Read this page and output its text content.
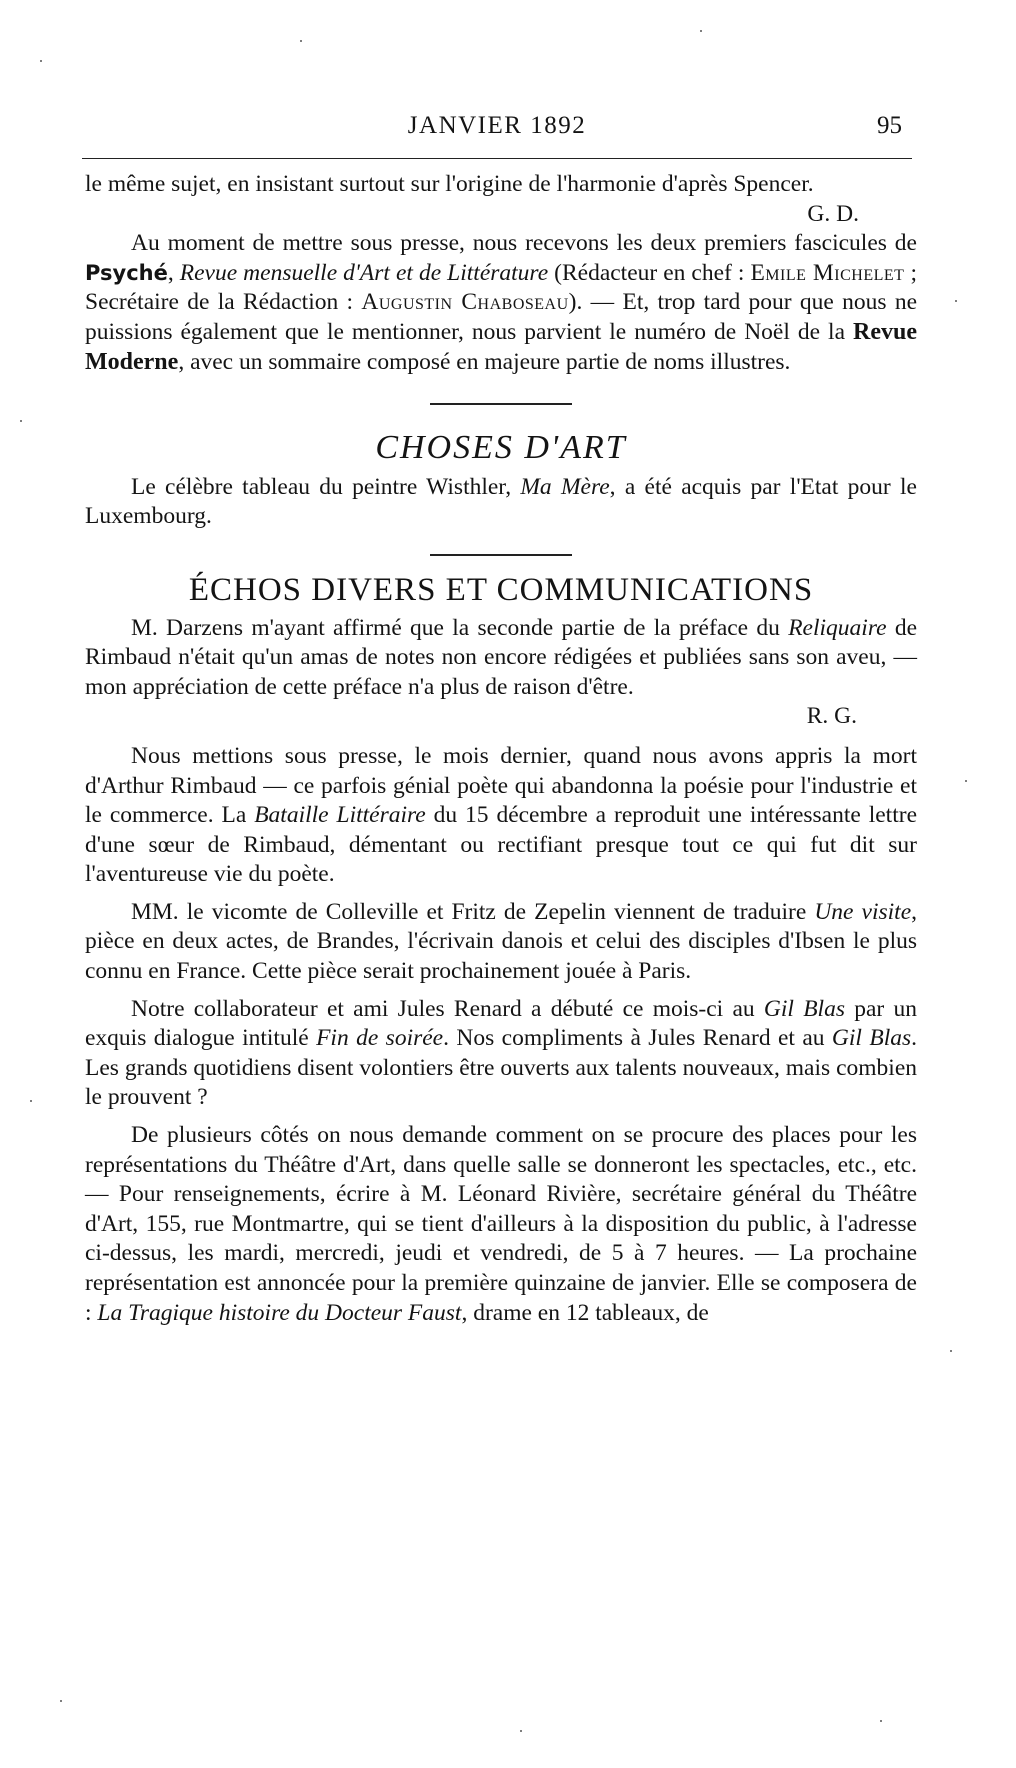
JANVIER 1892	95

le même sujet, en insistant surtout sur l'origine de l'harmonie d'après Spencer.

G. D.

Au moment de mettre sous presse, nous recevons les deux premiers fascicules de Psyché, Revue mensuelle d'Art et de Littérature (Rédacteur en chef : Emile Michelet ; Secrétaire de la Rédaction : Augustin Chaboseau). — Et, trop tard pour que nous ne puissions également que le mentionner, nous parvient le numéro de Noël de la Revue Moderne, avec un sommaire composé en majeure partie de noms illustres.

CHOSES D'ART

Le célèbre tableau du peintre Wisthler, Ma Mère, a été acquis par l'Etat pour le Luxembourg.

ÉCHOS DIVERS ET COMMUNICATIONS

M. Darzens m'ayant affirmé que la seconde partie de la préface du Reliquaire de Rimbaud n'était qu'un amas de notes non encore rédigées et publiées sans son aveu, — mon appréciation de cette préface n'a plus de raison d'être.

R. G.

Nous mettions sous presse, le mois dernier, quand nous avons appris la mort d'Arthur Rimbaud — ce parfois génial poète qui abandonna la poésie pour l'industrie et le commerce. La Bataille Littéraire du 15 décembre a reproduit une intéressante lettre d'une sœur de Rimbaud, démentant ou rectifiant presque tout ce qui fut dit sur l'aventureuse vie du poète.

MM. le vicomte de Colleville et Fritz de Zepelin viennent de traduire Une visite, pièce en deux actes, de Brandes, l'écrivain danois et celui des disciples d'Ibsen le plus connu en France. Cette pièce serait prochainement jouée à Paris.

Notre collaborateur et ami Jules Renard a débuté ce mois-ci au Gil Blas par un exquis dialogue intitulé Fin de soirée. Nos compliments à Jules Renard et au Gil Blas. Les grands quotidiens disent volontiers être ouverts aux talents nouveaux, mais combien le prouvent ?

De plusieurs côtés on nous demande comment on se procure des places pour les représentations du Théâtre d'Art, dans quelle salle se donneront les spectacles, etc., etc. — Pour renseignements, écrire à M. Léonard Rivière, secrétaire général du Théâtre d'Art, 155, rue Montmartre, qui se tient d'ailleurs à la disposition du public, à l'adresse ci-dessus, les mardi, mercredi, jeudi et vendredi, de 5 à 7 heures. — La prochaine représentation est annoncée pour la première quinzaine de janvier. Elle se composera de : La Tragique histoire du Docteur Faust, drame en 12 tableaux, de
